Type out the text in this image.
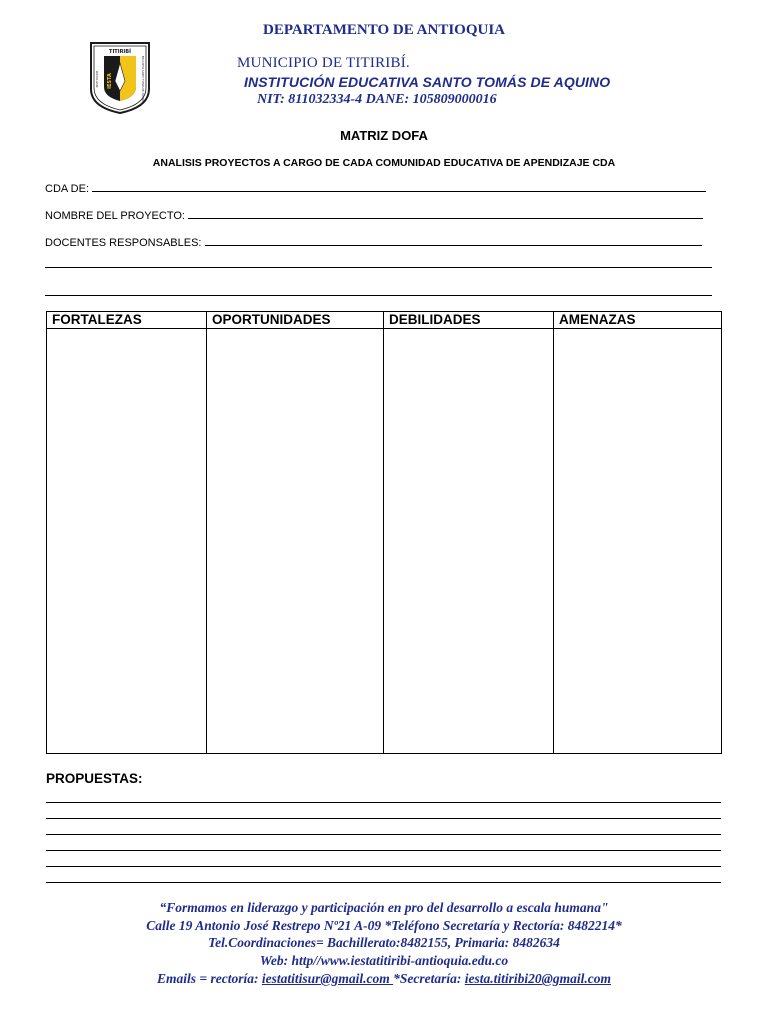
DEPARTAMENTO DE ANTIOQUIA
TITIRIBÍ
IESTA
INSTITUCIÓN	EDUCATIVA SANTO TOMÁS DE AQUINO	MUNICIPIO DE TITIRIBÍ.
INSTITUCIÓN EDUCATIVA SANTO TOMÁS DE AQUINO
NIT: 811032334-4 DANE: 105809000016
MATRIZ DOFA
ANALISIS PROYECTOS A CARGO DE CADA COMUNIDAD EDUCATIVA DE APENDIZAJE CDA
CDA DE:
NOMBRE DEL PROYECTO:
DOCENTES RESPONSABLES:
FORTALEZAS	OPORTUNIDADES	DEBILIDADES	AMENAZAS
PROPUESTAS:
“Formamos en liderazgo y participación en pro del desarrollo a escala humana"
Calle 19 Antonio José Restrepo Nº21 A-09 *Teléfono Secretaría y Rectoría: 8482214*
Tel.Coordinaciones= Bachillerato:8482155, Primaria: 8482634
Web: http//www.iestatitiribi-antioquia.edu.co
Emails = rectoría: iestatitisur@gmail.com *Secretaría: iesta.titiribi20@gmail.com
